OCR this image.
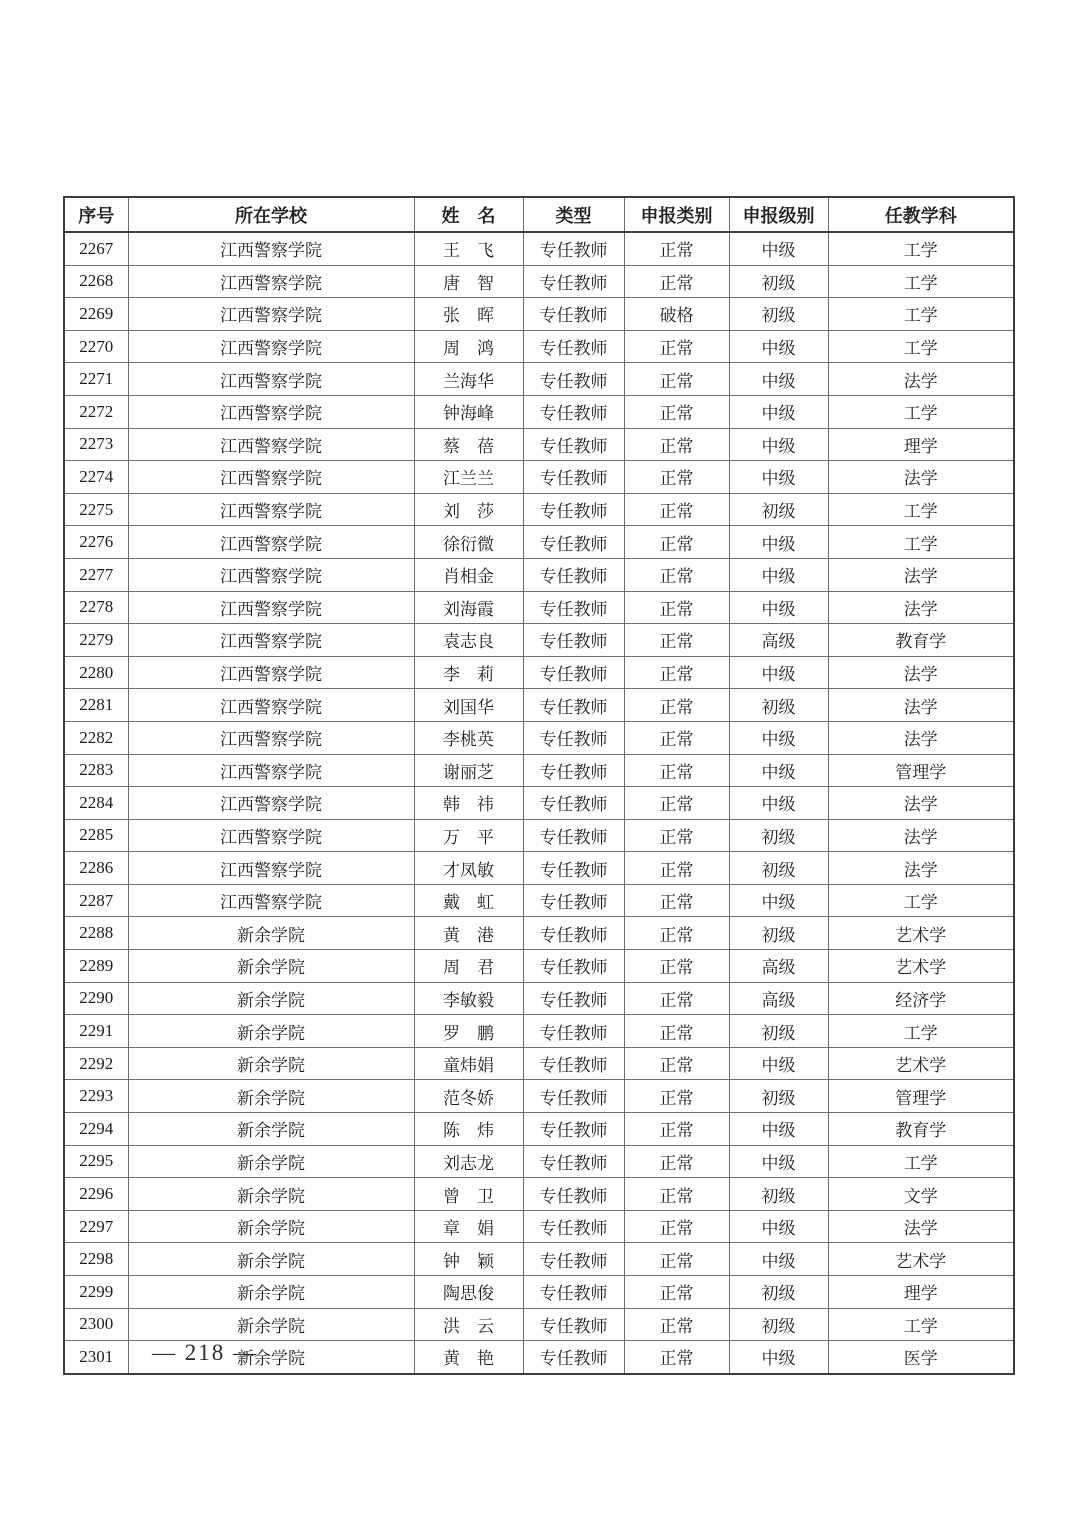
序号	所在学校	姓　名	类型	申报类别	申报级别	任教学科
2267	江西警察学院	王　飞	专任教师	正常	中级	工学
2268	江西警察学院	唐　智	专任教师	正常	初级	工学
2269	江西警察学院	张　晖	专任教师	破格	初级	工学
2270	江西警察学院	周　鸿	专任教师	正常	中级	工学
2271	江西警察学院	兰海华	专任教师	正常	中级	法学
2272	江西警察学院	钟海峰	专任教师	正常	中级	工学
2273	江西警察学院	蔡　蓓	专任教师	正常	中级	理学
2274	江西警察学院	江兰兰	专任教师	正常	中级	法学
2275	江西警察学院	刘　莎	专任教师	正常	初级	工学
2276	江西警察学院	徐衍微	专任教师	正常	中级	工学
2277	江西警察学院	肖相金	专任教师	正常	中级	法学
2278	江西警察学院	刘海霞	专任教师	正常	中级	法学
2279	江西警察学院	袁志良	专任教师	正常	高级	教育学
2280	江西警察学院	李　莉	专任教师	正常	中级	法学
2281	江西警察学院	刘国华	专任教师	正常	初级	法学
2282	江西警察学院	李桃英	专任教师	正常	中级	法学
2283	江西警察学院	谢丽芝	专任教师	正常	中级	管理学
2284	江西警察学院	韩　祎	专任教师	正常	中级	法学
2285	江西警察学院	万　平	专任教师	正常	初级	法学
2286	江西警察学院	才凤敏	专任教师	正常	初级	法学
2287	江西警察学院	戴　虹	专任教师	正常	中级	工学
2288	新余学院	黄　港	专任教师	正常	初级	艺术学
2289	新余学院	周　君	专任教师	正常	高级	艺术学
2290	新余学院	李敏毅	专任教师	正常	高级	经济学
2291	新余学院	罗　鹏	专任教师	正常	初级	工学
2292	新余学院	童炜娟	专任教师	正常	中级	艺术学
2293	新余学院	范冬娇	专任教师	正常	初级	管理学
2294	新余学院	陈　炜	专任教师	正常	中级	教育学
2295	新余学院	刘志龙	专任教师	正常	中级	工学
2296	新余学院	曾　卫	专任教师	正常	初级	文学
2297	新余学院	章　娟	专任教师	正常	中级	法学
2298	新余学院	钟　颖	专任教师	正常	中级	艺术学
2299	新余学院	陶思俊	专任教师	正常	初级	理学
2300	新余学院	洪　云	专任教师	正常	初级	工学
2301	新余学院	黄　艳	专任教师	正常	中级	医学
— 218 —
